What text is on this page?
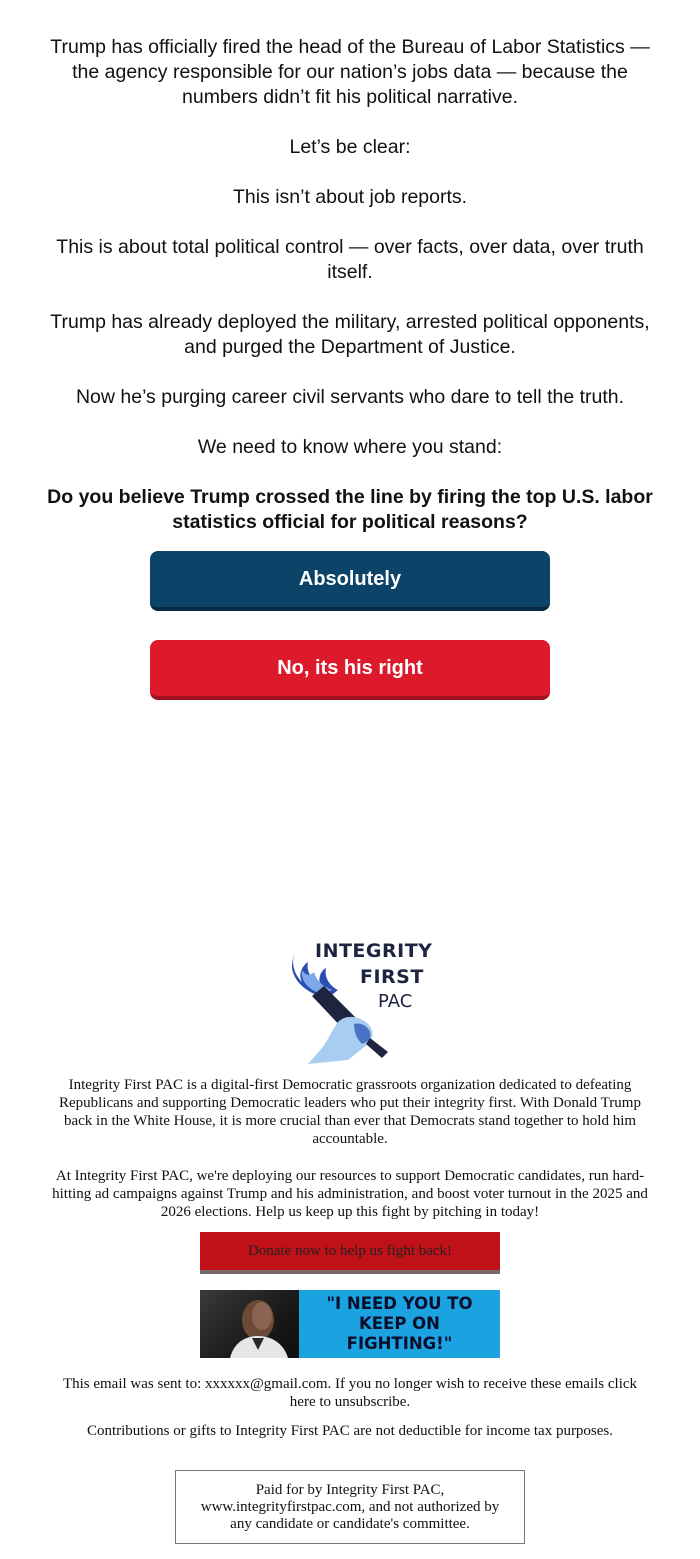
Trump has officially fired the head of the Bureau of Labor Statistics — the agency responsible for our nation’s jobs data — because the numbers didn’t fit his political narrative.

Let’s be clear:

This isn’t about job reports.

This is about total political control — over facts, over data, over truth itself.

Trump has already deployed the military, arrested political opponents, and purged the Department of Justice.

Now he’s purging career civil servants who dare to tell the truth.

We need to know where you stand:

Do you believe Trump crossed the line by firing the top U.S. labor statistics official for political reasons?

Absolutely
No, its his right
INTEGRITY
FIRST
PAC

Integrity First PAC is a digital-first Democratic grassroots organization dedicated to defeating Republicans and supporting Democratic leaders who put their integrity first. With Donald Trump back in the White House, it is more crucial than ever that Democrats stand together to hold him accountable.

At Integrity First PAC, we're deploying our resources to support Democratic candidates, run hard-hitting ad campaigns against Trump and his administration, and boost voter turnout in the 2025 and 2026 elections. Help us keep up this fight by pitching in today!

Donate now to help us fight back!
"I NEED YOU TO KEEP ON FIGHTING!"

This email was sent to: xxxxxx@gmail.com. If you no longer wish to receive these emails click here to unsubscribe.

Contributions or gifts to Integrity First PAC are not deductible for income tax purposes.

Paid for by Integrity First PAC, www.integrityfirstpac.com, and not authorized by any candidate or candidate's committee.
